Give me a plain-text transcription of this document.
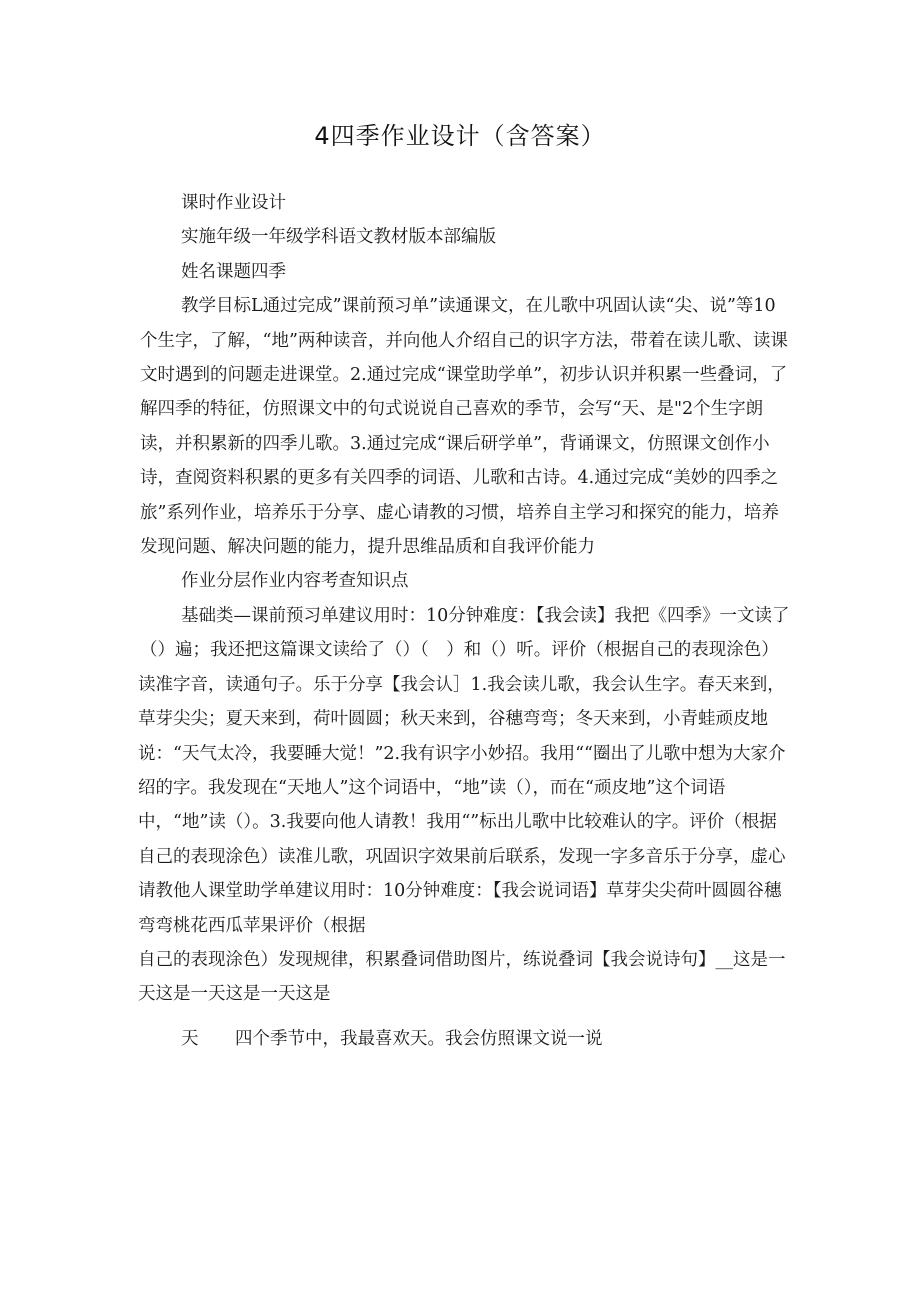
4四季作业设计（含答案）

课时作业设计

实施年级一年级学科语文教材版本部编版

姓名课题四季

教学目标L通过完成”课前预习单”读通课文，在儿歌中巩固认读“尖、说”等10个生字，了解，“地”两种读音，并向他人介绍自己的识字方法，带着在读儿歌、读课文时遇到的问题走进课堂。2.通过完成“课堂助学单”，初步认识并积累一些叠词，了解四季的特征，仿照课文中的句式说说自己喜欢的季节，会写“天、是"2个生字朗读，并积累新的四季儿歌。3.通过完成“课后研学单”，背诵课文，仿照课文创作小诗，查阅资料积累的更多有关四季的词语、儿歌和古诗。4.通过完成“美妙的四季之旅”系列作业，培养乐于分享、虚心请教的习惯，培养自主学习和探究的能力，培养发现问题、解决问题的能力，提升思维品质和自我评价能力

作业分层作业内容考查知识点

基础类—课前预习单建议用时：10分钟难度：【我会读】我把《四季》一文读了（）遍；我还把这篇课文读给了（）（　）和（）听。评价（根据自己的表现涂色）

读准字音，读通句子。乐于分享【我会认］1.我会读儿歌，我会认生字。春天来到，草芽尖尖；夏天来到，荷叶圆圆；秋天来到，谷穗弯弯；冬天来到，小青蛙顽皮地说：“天气太冷，我要睡大觉！”2.我有识字小妙招。我用““圈出了儿歌中想为大家介绍的字。我发现在“天地人”这个词语中，“地”读（），而在“顽皮地”这个词语中，“地”读（）。3.我要向他人请教！我用“”标出儿歌中比较难认的字。评价（根据自己的表现涂色）读准儿歌，巩固识字效果前后联系，发现一字多音乐于分享，虚心请教他人课堂助学单建议用时：10分钟难度：【我会说词语】草芽尖尖荷叶圆圆谷穗弯弯桃花西瓜苹果评价（根据

自己的表现涂色）发现规律，积累叠词借助图片，练说叠词【我会说诗句】__这是一天这是一天这是一天这是

天 四个季节中，我最喜欢天。我会仿照课文说一说
